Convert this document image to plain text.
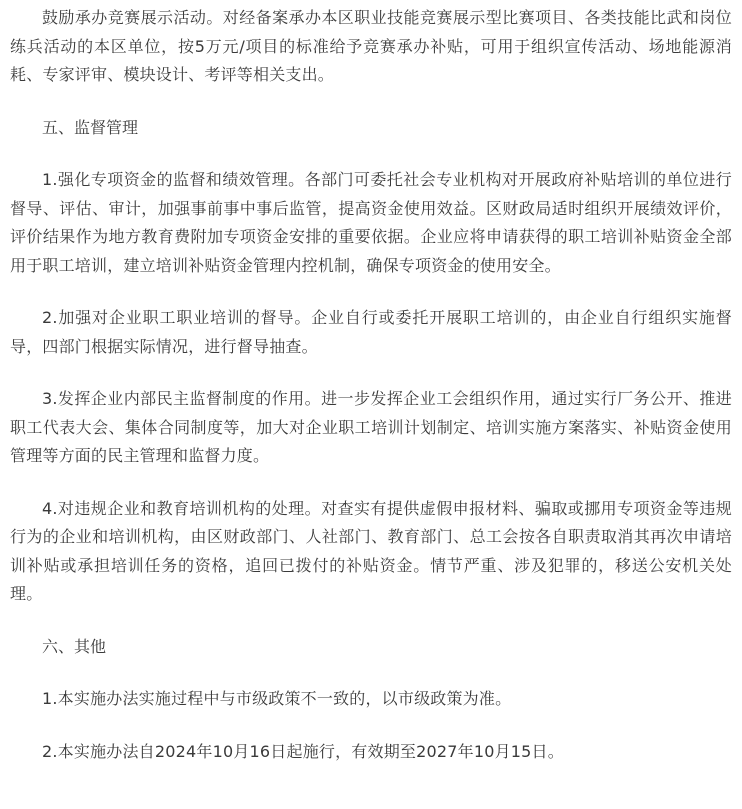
鼓励承办竞赛展示活动。对经备案承办本区职业技能竞赛展示型比赛项目、各类技能比武和岗位练兵活动的本区单位，按5万元/项目的标准给予竞赛承办补贴，可用于组织宣传活动、场地能源消耗、专家评审、模块设计、考评等相关支出。

五、监督管理

1.强化专项资金的监督和绩效管理。各部门可委托社会专业机构对开展政府补贴培训的单位进行督导、评估、审计，加强事前事中事后监管，提高资金使用效益。区财政局适时组织开展绩效评价，评价结果作为地方教育费附加专项资金安排的重要依据。企业应将申请获得的职工培训补贴资金全部用于职工培训，建立培训补贴资金管理内控机制，确保专项资金的使用安全。

2.加强对企业职工职业培训的督导。企业自行或委托开展职工培训的，由企业自行组织实施督导，四部门根据实际情况，进行督导抽查。

3.发挥企业内部民主监督制度的作用。进一步发挥企业工会组织作用，通过实行厂务公开、推进职工代表大会、集体合同制度等，加大对企业职工培训计划制定、培训实施方案落实、补贴资金使用管理等方面的民主管理和监督力度。

4.对违规企业和教育培训机构的处理。对查实有提供虚假申报材料、骗取或挪用专项资金等违规行为的企业和培训机构，由区财政部门、人社部门、教育部门、总工会按各自职责取消其再次申请培训补贴或承担培训任务的资格，追回已拨付的补贴资金。情节严重、涉及犯罪的，移送公安机关处理。

六、其他

1.本实施办法实施过程中与市级政策不一致的，以市级政策为准。

2.本实施办法自2024年10月16日起施行，有效期至2027年10月15日。
